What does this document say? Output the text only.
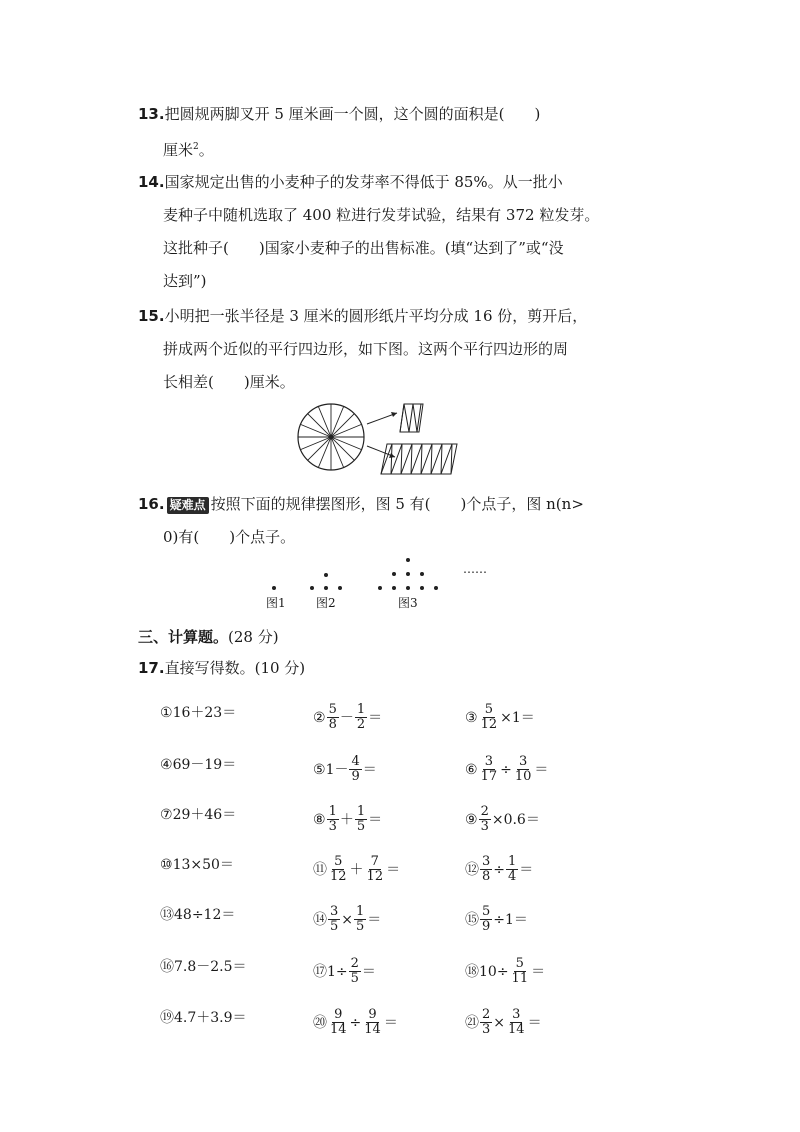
13.把圆规两脚叉开 5 厘米画一个圆，这个圆的面积是(　　)
厘米$^2$。
14.国家规定出售的小麦种子的发芽率不得低于 85%。从一批小
麦种子中随机选取了 400 粒进行发芽试验，结果有 372 粒发芽。
这批种子(　　)国家小麦种子的出售标准。(填“达到了”或“没
达到”)
15.小明把一张半径是 3 厘米的圆形纸片平均分成 16 份，剪开后，
拼成两个近似的平行四边形，如下图。这两个平行四边形的周
长相差(　　)厘米。
16. 疑难点 按照下面的规律摆图形，图 5 有(　　)个点子，图 n(n>
0)有(　　)个点子。
……
图1	图2	图3
三、计算题。(28 分)
17.直接写得数。(10 分)
① 16＋23＝	② $\frac{5}{8} - \frac{1}{2}$ ＝	③ $\frac{5}{12} \times 1=$
④ 69－19＝	⑤ $1- \frac{4}{9}$ ＝	⑥ $\frac{3}{17} \div \frac{3}{10}$ ＝
⑦ 29＋46＝	⑧ $\frac{1}{3} + \frac{1}{5}$ ＝	⑨ $\frac{2}{3} \times 0.6=$
⑩ 13×50＝	⑪ $\frac{5}{12} + \frac{7}{12}$ ＝	⑫ $\frac{3}{8} \div \frac{1}{4}$ ＝
⑬ 48÷12＝	⑭ $\frac{3}{5} \times \frac{1}{5}$ ＝	⑮ $\frac{5}{9} \div 1=$
⑯ 7.8－2.5＝	⑰ $1\div \frac{2}{5}$ ＝	⑱ $10\div \frac{5}{11}$ ＝
⑲ 4.7＋3.9＝	⑳ $\frac{9}{14} \div \frac{9}{14}$ ＝	㉑ $\frac{2}{3} \times \frac{3}{14}$ ＝
